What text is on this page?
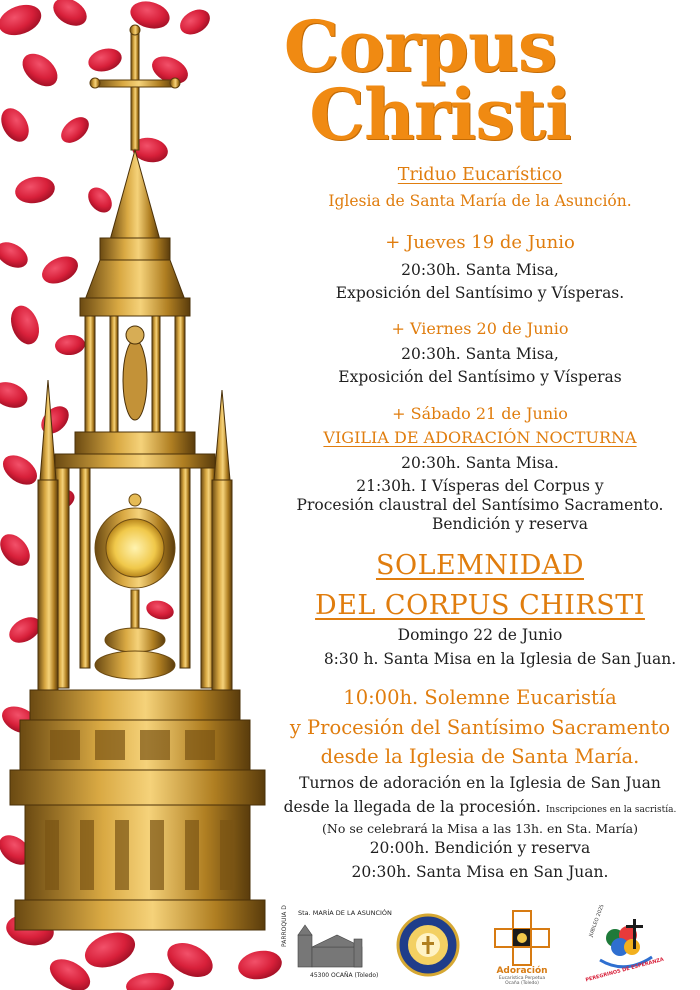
Corpus
Christi
Triduo Eucarístico
Iglesia de Santa María de la Asunción.
+ Jueves 19 de Junio
20:30h. Santa Misa,
Exposición del Santísimo y Vísperas.
+ Viernes 20 de Junio
20:30h. Santa Misa,
Exposición del Santísimo y Vísperas
+ Sábado 21 de Junio
VIGILIA DE ADORACIÓN NOCTURNA
20:30h. Santa Misa.
21:30h. I Vísperas del Corpus y
Procesión claustral del Santísimo Sacramento.
Bendición y reserva
SOLEMNIDAD
DEL CORPUS CHIRSTI
Domingo 22 de Junio
8:30 h. Santa Misa en la Iglesia de San Juan.
10:00h. Solemne Eucaristía
y Procesión del Santísimo Sacramento
desde la Iglesia de Santa María.
Turnos de adoración en la Iglesia de San Juan
desde la llegada de la procesión. Inscripciones en la sacristía.
(No se celebrará la Misa a las 13h. en Sta. María)
20:00h. Bendición y reserva
20:30h. Santa Misa en San Juan.
PARROQUIA DE Sta. MARÍA DE LA ASUNCIÓN
45300 OCAÑA (Toledo)	Adoración
Eucarística Perpetua
Ocaña (Toledo)
JUBILEO 2025
PEREGRINOS DE ESPERANZA
